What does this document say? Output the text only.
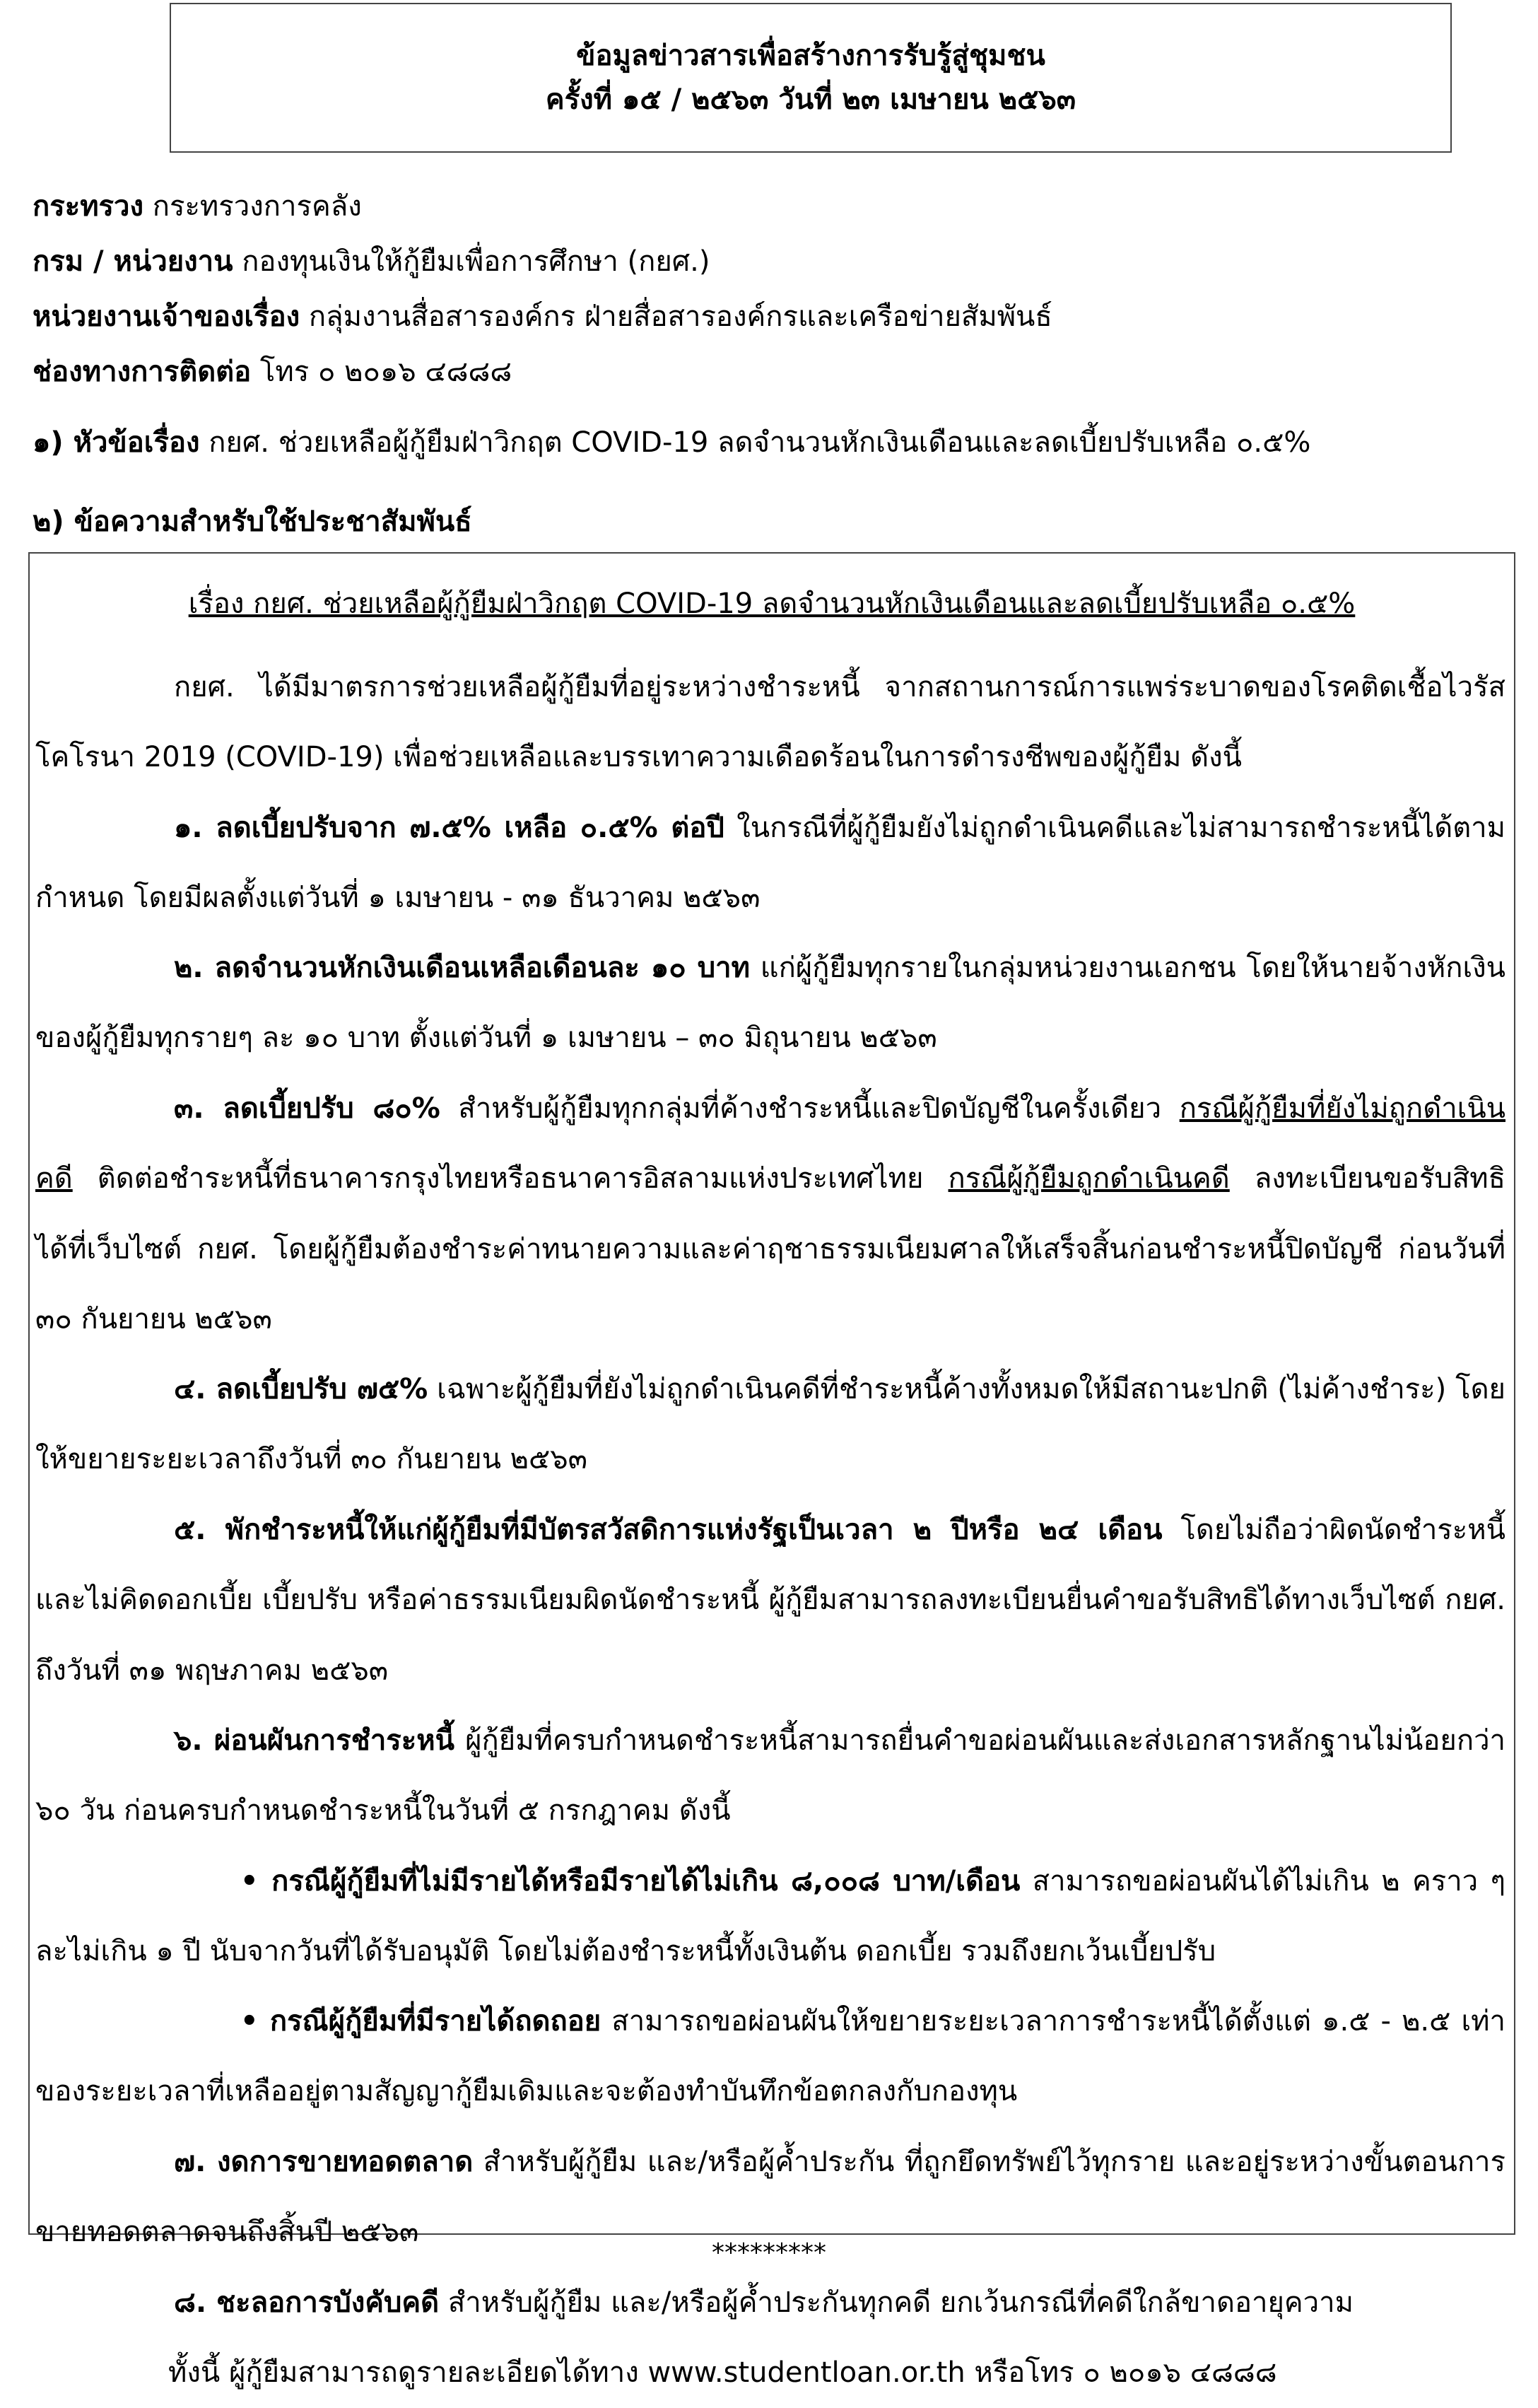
ข้อมูลข่าวสารเพื่อสร้างการรับรู้สู่ชุมชน
ครั้งที่ ๑๕ / ๒๕๖๓ วันที่ ๒๓ เมษายน ๒๕๖๓
กระทรวง กระทรวงการคลัง
กรม / หน่วยงาน กองทุนเงินให้กู้ยืมเพื่อการศึกษา (กยศ.)
หน่วยงานเจ้าของเรื่อง กลุ่มงานสื่อสารองค์กร ฝ่ายสื่อสารองค์กรและเครือข่ายสัมพันธ์
ช่องทางการติดต่อ โทร ๐ ๒๐๑๖ ๔๘๘๘
๑) หัวข้อเรื่อง กยศ. ช่วยเหลือผู้กู้ยืมฝ่าวิกฤต COVID-19 ลดจำนวนหักเงินเดือนและลดเบี้ยปรับเหลือ ๐.๕%
๒) ข้อความสำหรับใช้ประชาสัมพันธ์
เรื่อง กยศ. ช่วยเหลือผู้กู้ยืมฝ่าวิกฤต COVID-19 ลดจำนวนหักเงินเดือนและลดเบี้ยปรับเหลือ ๐.๕%

กยศ. ได้มีมาตรการช่วยเหลือผู้กู้ยืมที่อยู่ระหว่างชำระหนี้ จากสถานการณ์การแพร่ระบาดของโรคติดเชื้อไวรัสโคโรนา 2019 (COVID-19) เพื่อช่วยเหลือและบรรเทาความเดือดร้อนในการดำรงชีพของผู้กู้ยืม ดังนี้

๑. ลดเบี้ยปรับจาก ๗.๕% เหลือ ๐.๕% ต่อปี ในกรณีที่ผู้กู้ยืมยังไม่ถูกดำเนินคดีและไม่สามารถชำระหนี้ได้ตามกำหนด โดยมีผลตั้งแต่วันที่ ๑ เมษายน - ๓๑ ธันวาคม ๒๕๖๓

๒. ลดจำนวนหักเงินเดือนเหลือเดือนละ ๑๐ บาท แก่ผู้กู้ยืมทุกรายในกลุ่มหน่วยงานเอกชน โดยให้นายจ้างหักเงินของผู้กู้ยืมทุกรายๆ ละ ๑๐ บาท ตั้งแต่วันที่ ๑ เมษายน – ๓๐ มิถุนายน ๒๕๖๓

๓. ลดเบี้ยปรับ ๘๐% สำหรับผู้กู้ยืมทุกกลุ่มที่ค้างชำระหนี้และปิดบัญชีในครั้งเดียว กรณีผู้กู้ยืมที่ยังไม่ถูกดำเนินคดี ติดต่อชำระหนี้ที่ธนาคารกรุงไทยหรือธนาคารอิสลามแห่งประเทศไทย กรณีผู้กู้ยืมถูกดำเนินคดี ลงทะเบียนขอรับสิทธิได้ที่เว็บไซต์ กยศ. โดยผู้กู้ยืมต้องชำระค่าทนายความและค่าฤชาธรรมเนียมศาลให้เสร็จสิ้นก่อนชำระหนี้ปิดบัญชี ก่อนวันที่ ๓๐ กันยายน ๒๕๖๓

๔. ลดเบี้ยปรับ ๗๕% เฉพาะผู้กู้ยืมที่ยังไม่ถูกดำเนินคดีที่ชำระหนี้ค้างทั้งหมดให้มีสถานะปกติ (ไม่ค้างชำระ) โดยให้ขยายระยะเวลาถึงวันที่ ๓๐ กันยายน ๒๕๖๓

๕. พักชำระหนี้ให้แก่ผู้กู้ยืมที่มีบัตรสวัสดิการแห่งรัฐเป็นเวลา ๒ ปีหรือ ๒๔ เดือน โดยไม่ถือว่าผิดนัดชำระหนี้ และไม่คิดดอกเบี้ย เบี้ยปรับ หรือค่าธรรมเนียมผิดนัดชำระหนี้ ผู้กู้ยืมสามารถลงทะเบียนยื่นคำขอรับสิทธิได้ทางเว็บไซต์ กยศ. ถึงวันที่ ๓๑ พฤษภาคม ๒๕๖๓

๖. ผ่อนผันการชำระหนี้ ผู้กู้ยืมที่ครบกำหนดชำระหนี้สามารถยื่นคำขอผ่อนผันและส่งเอกสารหลักฐานไม่น้อยกว่า ๖๐ วัน ก่อนครบกำหนดชำระหนี้ในวันที่ ๕ กรกฎาคม ดังนี้

• กรณีผู้กู้ยืมที่ไม่มีรายได้หรือมีรายได้ไม่เกิน ๘,๐๐๘ บาท/เดือน สามารถขอผ่อนผันได้ไม่เกิน ๒ คราว ๆ ละไม่เกิน ๑ ปี นับจากวันที่ได้รับอนุมัติ โดยไม่ต้องชำระหนี้ทั้งเงินต้น ดอกเบี้ย รวมถึงยกเว้นเบี้ยปรับ

• กรณีผู้กู้ยืมที่มีรายได้ถดถอย สามารถขอผ่อนผันให้ขยายระยะเวลาการชำระหนี้ได้ตั้งแต่ ๑.๕ - ๒.๕ เท่าของระยะเวลาที่เหลืออยู่ตามสัญญากู้ยืมเดิมและจะต้องทำบันทึกข้อตกลงกับกองทุน

๗. งดการขายทอดตลาด สำหรับผู้กู้ยืม และ/หรือผู้ค้ำประกัน ที่ถูกยึดทรัพย์ไว้ทุกราย และอยู่ระหว่างขั้นตอนการขายทอดตลาดจนถึงสิ้นปี ๒๕๖๓

๘. ชะลอการบังคับคดี สำหรับผู้กู้ยืม และ/หรือผู้ค้ำประกันทุกคดี ยกเว้นกรณีที่คดีใกล้ขาดอายุความ

ทั้งนี้ ผู้กู้ยืมสามารถดูรายละเอียดได้ทาง www.studentloan.or.th หรือโทร ๐ ๒๐๑๖ ๔๘๘๘
*********
